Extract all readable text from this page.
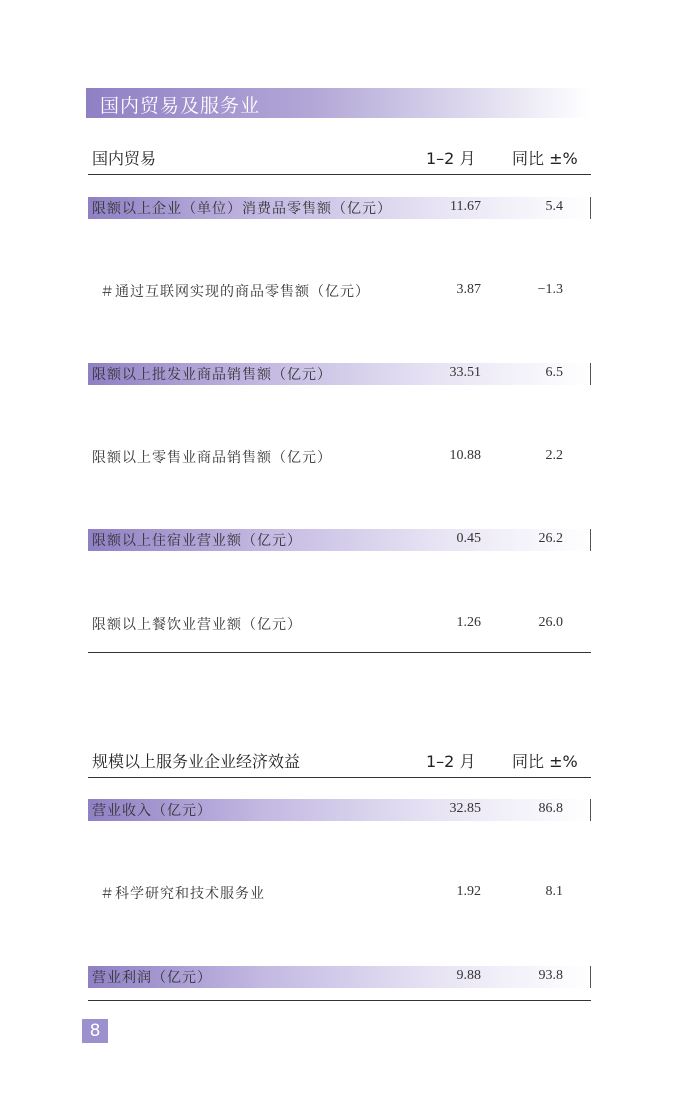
国内贸易及服务业
国内贸易	1–2 月 同比 ±%
限额以上企业（单位）消费品零售额（亿元）	11.67	5.4
＃通过互联网实现的商品零售额（亿元）	3.87	−1.3
限额以上批发业商品销售额（亿元）	33.51	6.5
限额以上零售业商品销售额（亿元）	10.88	2.2
限额以上住宿业营业额（亿元）	0.45	26.2
限额以上餐饮业营业额（亿元）	1.26	26.0
规模以上服务业企业经济效益	1–2 月 同比 ±%
营业收入（亿元）	32.85	86.8
＃科学研究和技术服务业	1.92	8.1
营业利润（亿元）	9.88	93.8
8
